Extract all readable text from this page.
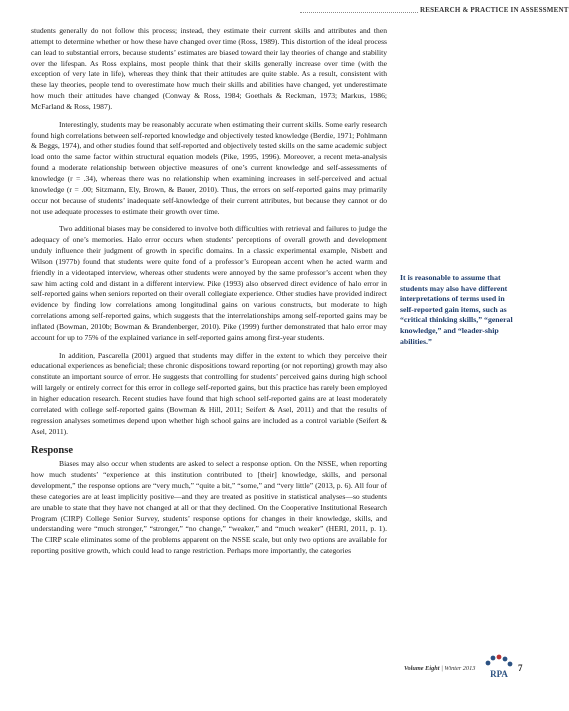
RESEARCH & PRACTICE IN ASSESSMENT

students generally do not follow this process; instead, they estimate their current skills and attributes and then attempt to determine whether or how these have changed over time (Ross, 1989). This distortion of the ideal process can lead to substantial errors, because students’ estimates are biased toward their lay theories of change and stability over the lifespan. As Ross explains, most people think that their skills generally increase over time (with the exception of very late in life), whereas they think that their attitudes are quite stable. As a result, consistent with these lay theories, people tend to overestimate how much their skills and abilities have changed, yet underestimate how much their attitudes have changed (Conway & Ross, 1984; Goethals & Reckman, 1973; Markus, 1986; McFarland & Ross, 1987).

Interestingly, students may be reasonably accurate when estimating their current skills. Some early research found high correlations between self-reported knowledge and objectively tested knowledge (Berdie, 1971; Pohlmann & Beggs, 1974), and other studies found that self-reported and objectively tested skills on the same academic subject load onto the same factor within structural equation models (Pike, 1995, 1996). Moreover, a recent meta-analysis found a moderate relationship between objective measures of one’s current knowledge and self-assessments of knowledge (r = .34), whereas there was no relationship when examining increases in self-perceived and actual knowledge (r = .00; Sitzmann, Ely, Brown, & Bauer, 2010). Thus, the errors on self-reported gains may primarily occur not because of students’ inadequate self-knowledge of their current attributes, but because they cannot or do not use adequate processes to estimate their growth over time.

Two additional biases may be considered to involve both difficulties with retrieval and failures to judge the adequacy of one’s memories. Halo error occurs when students’ perceptions of overall growth and development unduly influence their judgment of growth in specific domains. In a classic experimental example, Nisbett and Wilson (1977b) found that students were quite fond of a professor’s European accent when he acted warm and friendly in a videotaped interview, whereas other students were annoyed by the same professor’s accent when they saw him acting cold and distant in a different interview. Pike (1993) also observed direct evidence of halo error in self-reported gains when seniors reported on their overall collegiate experience. Other studies have provided indirect evidence by finding low correlations among longitudinal gains on various constructs, but moderate to high correlations among self-reported gains, which suggests that the interrelationships among self-reported gains may be inflated (Bowman, 2010b; Bowman & Brandenberger, 2010). Pike (1999) further demonstrated that halo error may account for up to 75% of the explained variance in self-reported gains among first-year students.

In addition, Pascarella (2001) argued that students may differ in the extent to which they perceive their educational experiences as beneficial; these chronic dispositions toward reporting (or not reporting) growth may also constitute an important source of error. He suggests that controlling for students’ perceived gains during high school will largely or entirely correct for this error in college self-reported gains, but this practice has rarely been employed in higher education research. Recent studies have found that high school self-reported gains are at least moderately correlated with college self-reported gains (Bowman & Hill, 2011; Seifert & Asel, 2011) and that the results of regression analyses sometimes depend upon whether high school gains are included as a control variable (Seifert & Asel, 2011).

Response

Biases may also occur when students are asked to select a response option. On the NSSE, when reporting how much students’ “experience at this institution contributed to [their] knowledge, skills, and personal development,” the response options are “very much,” “quite a bit,” “some,” and “very little” (2013, p. 6). All four of these categories are at least implicitly positive—and they are treated as positive in statistical analyses—so students are unable to state that they have not changed at all or that they declined. On the Cooperative Institutional Research Program (CIRP) College Senior Survey, students’ response options for changes in their knowledge, skills, and understanding were “much stronger,” “stronger,” “no change,” “weaker,” and “much weaker” (HERI, 2011, p. 1). The CIRP scale eliminates some of the problems apparent on the NSSE scale, but only two options are available for reporting positive growth, which could lead to range restriction. Perhaps more importantly, the categories

It is reasonable to assume that students may also have different interpretations of terms used in self-reported gain items, such as “critical thinking skills,” “general knowledge,” and “leader-ship abilities.”
Volume Eight | Winter 2013
RPA
7
